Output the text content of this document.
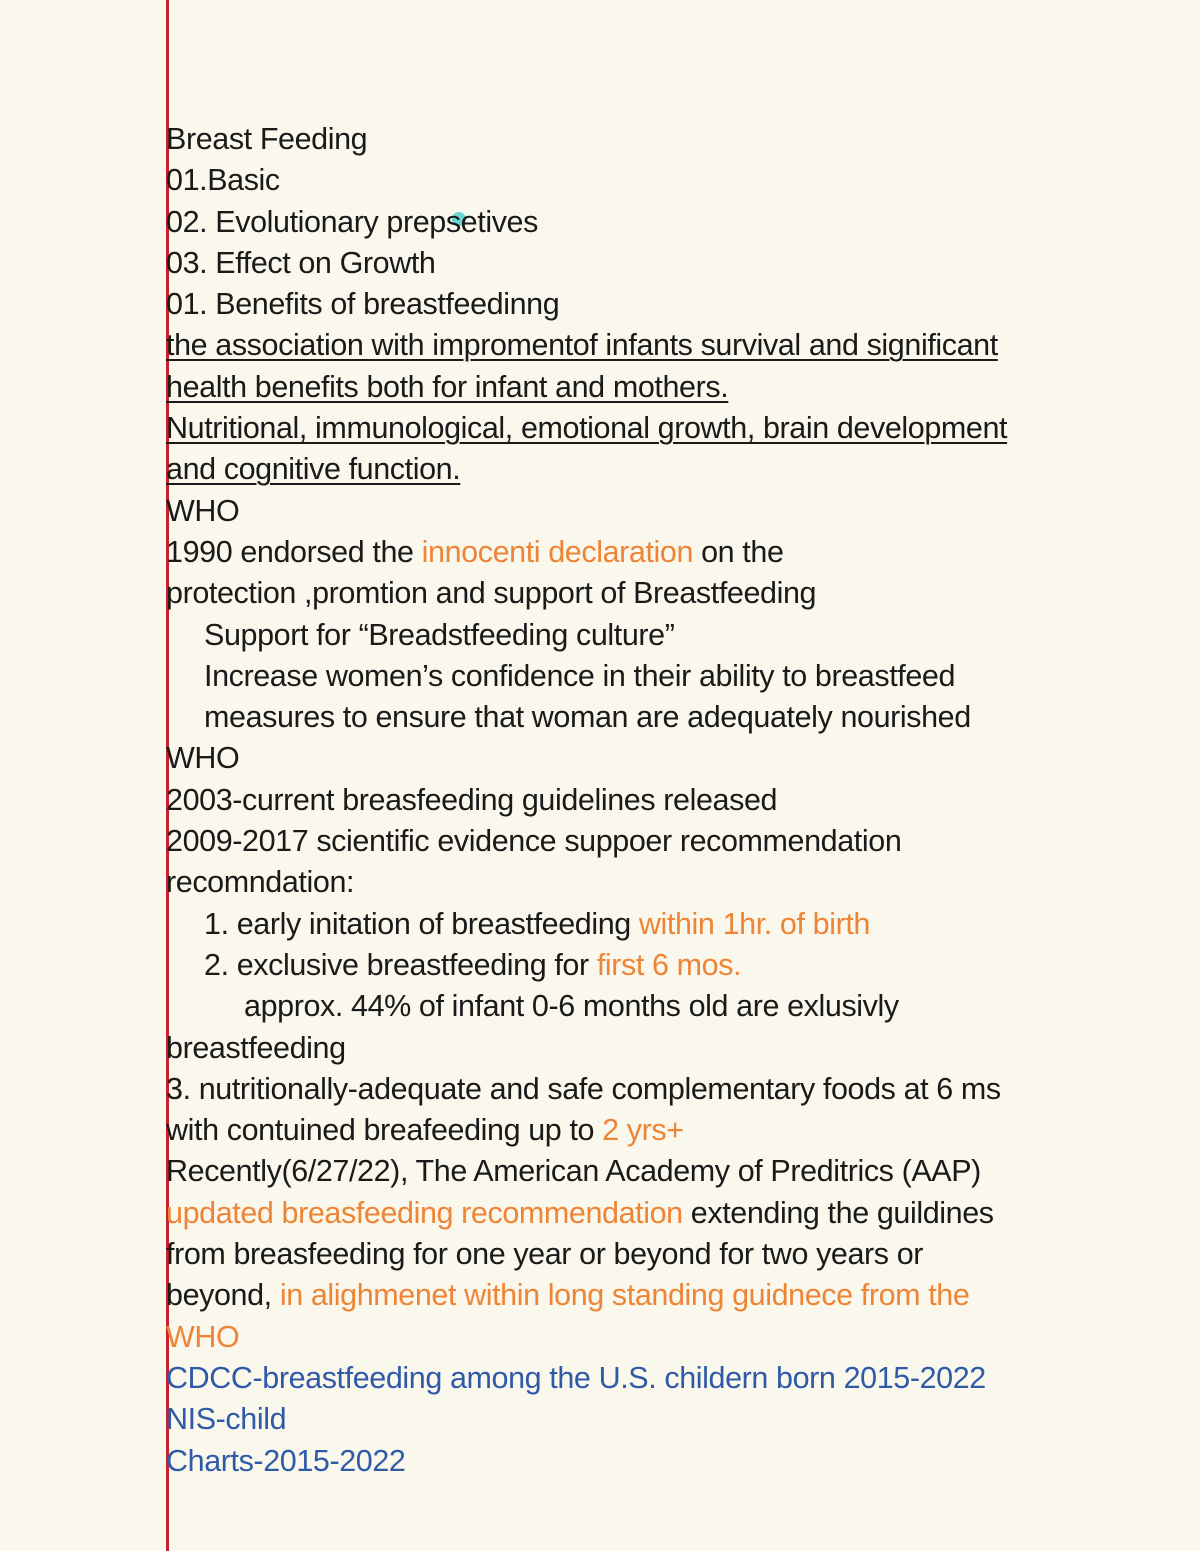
Breast Feeding
01.Basic
02. Evolutionary prepsetives
03. Effect on Growth
01. Benefits of breastfeedinng
the association with impromentof infants survival and significant
health benefits both for infant and mothers.
Nutritional, immunological, emotional growth, brain development
and cognitive function.
WHO
1990 endorsed the innocenti declaration on the
protection ,promtion and support of Breastfeeding
Support for “Breadstfeeding culture”
Increase women’s confidence in their ability to breastfeed
measures to ensure that woman are adequately nourished
WHO
2003-current breasfeeding guidelines released
2009-2017 scientific evidence suppoer recommendation
recomndation:
1. early initation of breastfeeding within 1hr. of birth
2. exclusive breastfeeding for first 6 mos.
approx. 44% of infant 0-6 months old are exlusivly
breastfeeding
3. nutritionally-adequate and safe complementary foods at 6 ms
with contuined breafeeding up to 2 yrs+
Recently(6/27/22), The American Academy of Preditrics (AAP)
updated breasfeeding recommendation extending the guildines
from breasfeeding for one year or beyond for two years or
beyond, in alighmenet within long standing guidnece from the
WHO
CDCC-breastfeeding among the U.S. childern born 2015-2022
NIS-child
Charts-2015-2022
